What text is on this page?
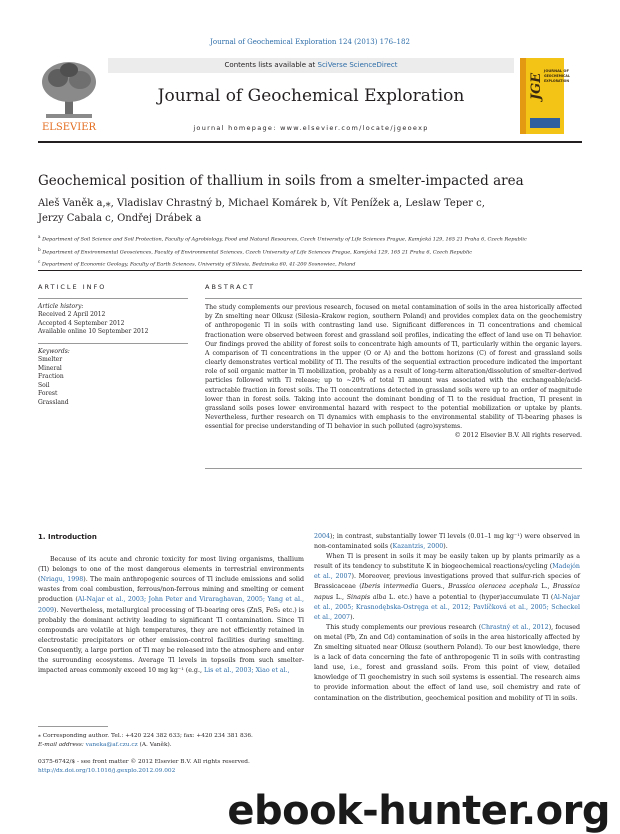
Journal of Geochemical Exploration 124 (2013) 176–182
ELSEVIER
Contents lists available at SciVerse ScienceDirect
Journal of Geochemical Exploration
journal homepage: www.elsevier.com/locate/jgeoexp
JGE
JOURNAL OF
GEOCHEMICAL
EXPLORATION
Geochemical position of thallium in soils from a smelter-impacted area
Aleš Vaněk a,⁎, Vladislav Chrastný b, Michael Komárek b, Vít Penížek a, Leslaw Teper c,
Jerzy Cabala c, Ondřej Drábek a
$^a$ Department of Soil Science and Soil Protection, Faculty of Agrobiology, Food and Natural Resources, Czech University of Life Sciences Prague, Kamýcká 129, 165 21 Praha 6, Czech Republic
$^b$ Department of Environmental Geosciences, Faculty of Environmental Sciences, Czech University of Life Sciences Prague, Kamýcká 129, 165 21 Praha 6, Czech Republic
$^c$ Department of Economic Geology, Faculty of Earth Sciences, University of Silesia, Bedzinska 60, 41-200 Sosnowiec, Poland
ARTICLE INFO
Article history:
Received 2 April 2012
Accepted 4 September 2012
Available online 10 September 2012
Keywords:
Smelter
Mineral
Fraction
Soil
Forest
Grassland
ABSTRACT
The study complements our previous research, focused on metal contamination of soils in the area historically affected by Zn smelting near Olkusz (Silesia–Krakow region, southern Poland) and provides complex data on the geochemistry of anthropogenic Tl in soils with contrasting land use. Significant differences in Tl concentrations and chemical fractionation were observed between forest and grassland soil profiles, indicating the effect of land use on Tl behavior. Our findings proved the ability of forest soils to concentrate high amounts of Tl, particularly within the organic layers. A comparison of Tl concentrations in the upper (O or A) and the bottom horizons (C) of forest and grassland soils clearly demonstrates vertical mobility of Tl. The results of the sequential extraction procedure indicated the important role of soil organic matter in Tl mobilization, probably as a result of long-term alteration/dissolution of smelter-derived particles followed with Tl release; up to ~20% of total Tl amount was associated with the exchangeable/acid-extractable fraction in forest soils. The Tl concentrations detected in grassland soils were up to an order of magnitude lower than in forest soils. Taking into account the dominant bonding of Tl to the residual fraction, Tl present in grassland soils poses lower environmental hazard with respect to the potential mobilization or uptake by plants. Nevertheless, further research on Tl dynamics with emphasis to the environmental stability of Tl-bearing phases is essential for precise understanding of Tl behavior in such polluted (agro)systems.
© 2012 Elsevier B.V. All rights reserved.
1. Introduction

Because of its acute and chronic toxicity for most living organisms, thallium (Tl) belongs to one of the most dangerous elements in terrestrial environments (Nriagu, 1998). The main anthropogenic sources of Tl include emissions and solid wastes from coal combustion, ferrous/non-ferrous mining and smelting or cement production (Al-Najar et al., 2003; John Peter and Viraraghavan, 2005; Yang et al., 2009). Nevertheless, metallurgical processing of Tl-bearing ores (ZnS, FeS₂ etc.) is probably the dominant activity leading to significant Tl contamination. Since Tl compounds are volatile at high temperatures, they are not efficiently retained in electrostatic precipitators or other emission-control facilities during smelting. Consequently, a large portion of Tl may be released into the atmosphere and enter the surrounding ecosystems. Average Tl levels in topsoils from such smelter-impacted areas commonly exceed 10 mg kg⁻¹ (e.g., Lis et al., 2003; Xiao et al.,

2004); in contrast, substantially lower Tl levels (0.01–1 mg kg⁻¹) were observed in non-contaminated soils (Kazantzis, 2000).

When Tl is present in soils it may be easily taken up by plants primarily as a result of its tendency to substitute K in biogeochemical reactions/cycling (Madejón et al., 2007). Moreover, previous investigations proved that sulfur-rich species of Brassicaceae (Iberis intermedia Guers., Brassica oleracea acephala L., Brassica napus L., Sinapis alba L. etc.) have a potential to (hyper)accumulate Tl (Al-Najar et al., 2005; Krasnodębska-Ostręga et al., 2012; Pavlíčková et al., 2005; Scheckel et al., 2007).

This study complements our previous research (Chrastný et al., 2012), focused on metal (Pb, Zn and Cd) contamination of soils in the area historically affected by Zn smelting situated near Olkusz (southern Poland). To our best knowledge, there is a lack of data concerning the fate of anthropogenic Tl in soils with contrasting land use, i.e., forest and grassland soils. From this point of view, detailed knowledge of Tl geochemistry in such soil systems is essential. The research aims to provide information about the effect of land use, soil chemistry and rate of contamination on the distribution, geochemical position and mobility of Tl in soils.

⁎ Corresponding author. Tel.: +420 224 382 633; fax: +420 234 381 836.
E-mail address: vaneka@af.czu.cz (A. Vaněk).
0375-6742/$ - see front matter © 2012 Elsevier B.V. All rights reserved.
http://dx.doi.org/10.1016/j.gexplo.2012.09.002
ebook-hunter.org
